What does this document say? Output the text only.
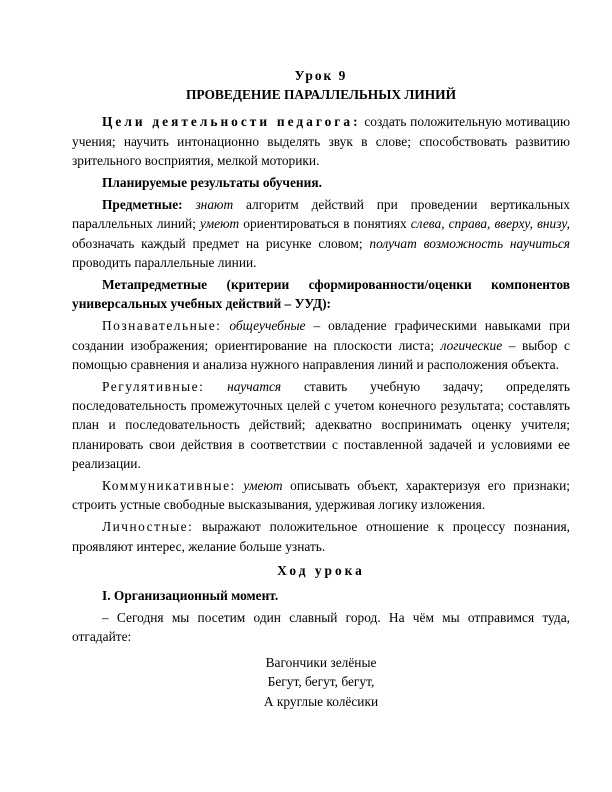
Урок 9
ПРОВЕДЕНИЕ ПАРАЛЛЕЛЬНЫХ ЛИНИЙ

Цели деятельности педагога: создать положительную мотивацию учения; научить интонационно выделять звук в слове; способствовать развитию зрительного восприятия, мелкой моторики.

Планируемые результаты обучения.

Предметные: знают алгоритм действий при проведении вертикальных параллельных линий; умеют ориентироваться в понятиях слева, справа, вверху, внизу, обозначать каждый предмет на рисунке словом; получат возможность научиться проводить параллельные линии.

Метапредметные (критерии сформированности/оценки компонентов универсальных учебных действий – УУД):

Познавательные: общеучебные – овладение графическими навыками при создании изображения; ориентирование на плоскости листа; логические – выбор с помощью сравнения и анализа нужного направления линий и расположения объекта.

Регулятивные: научатся ставить учебную задачу; определять последовательность промежуточных целей с учетом конечного результата; составлять план и последовательность действий; адекватно воспринимать оценку учителя; планировать свои действия в соответствии с поставленной задачей и условиями ее реализации.

Коммуникативные: умеют описывать объект, характеризуя его признаки; строить устные свободные высказывания, удерживая логику изложения.

Личностные: выражают положительное отношение к процессу познания, проявляют интерес, желание больше узнать.

Ход урока

I. Организационный момент.

– Сегодня мы посетим один славный город. На чём мы отправимся туда, отгадайте:

Вагончики зелёные
Бегут, бегут, бегут,
А круглые колёсики
